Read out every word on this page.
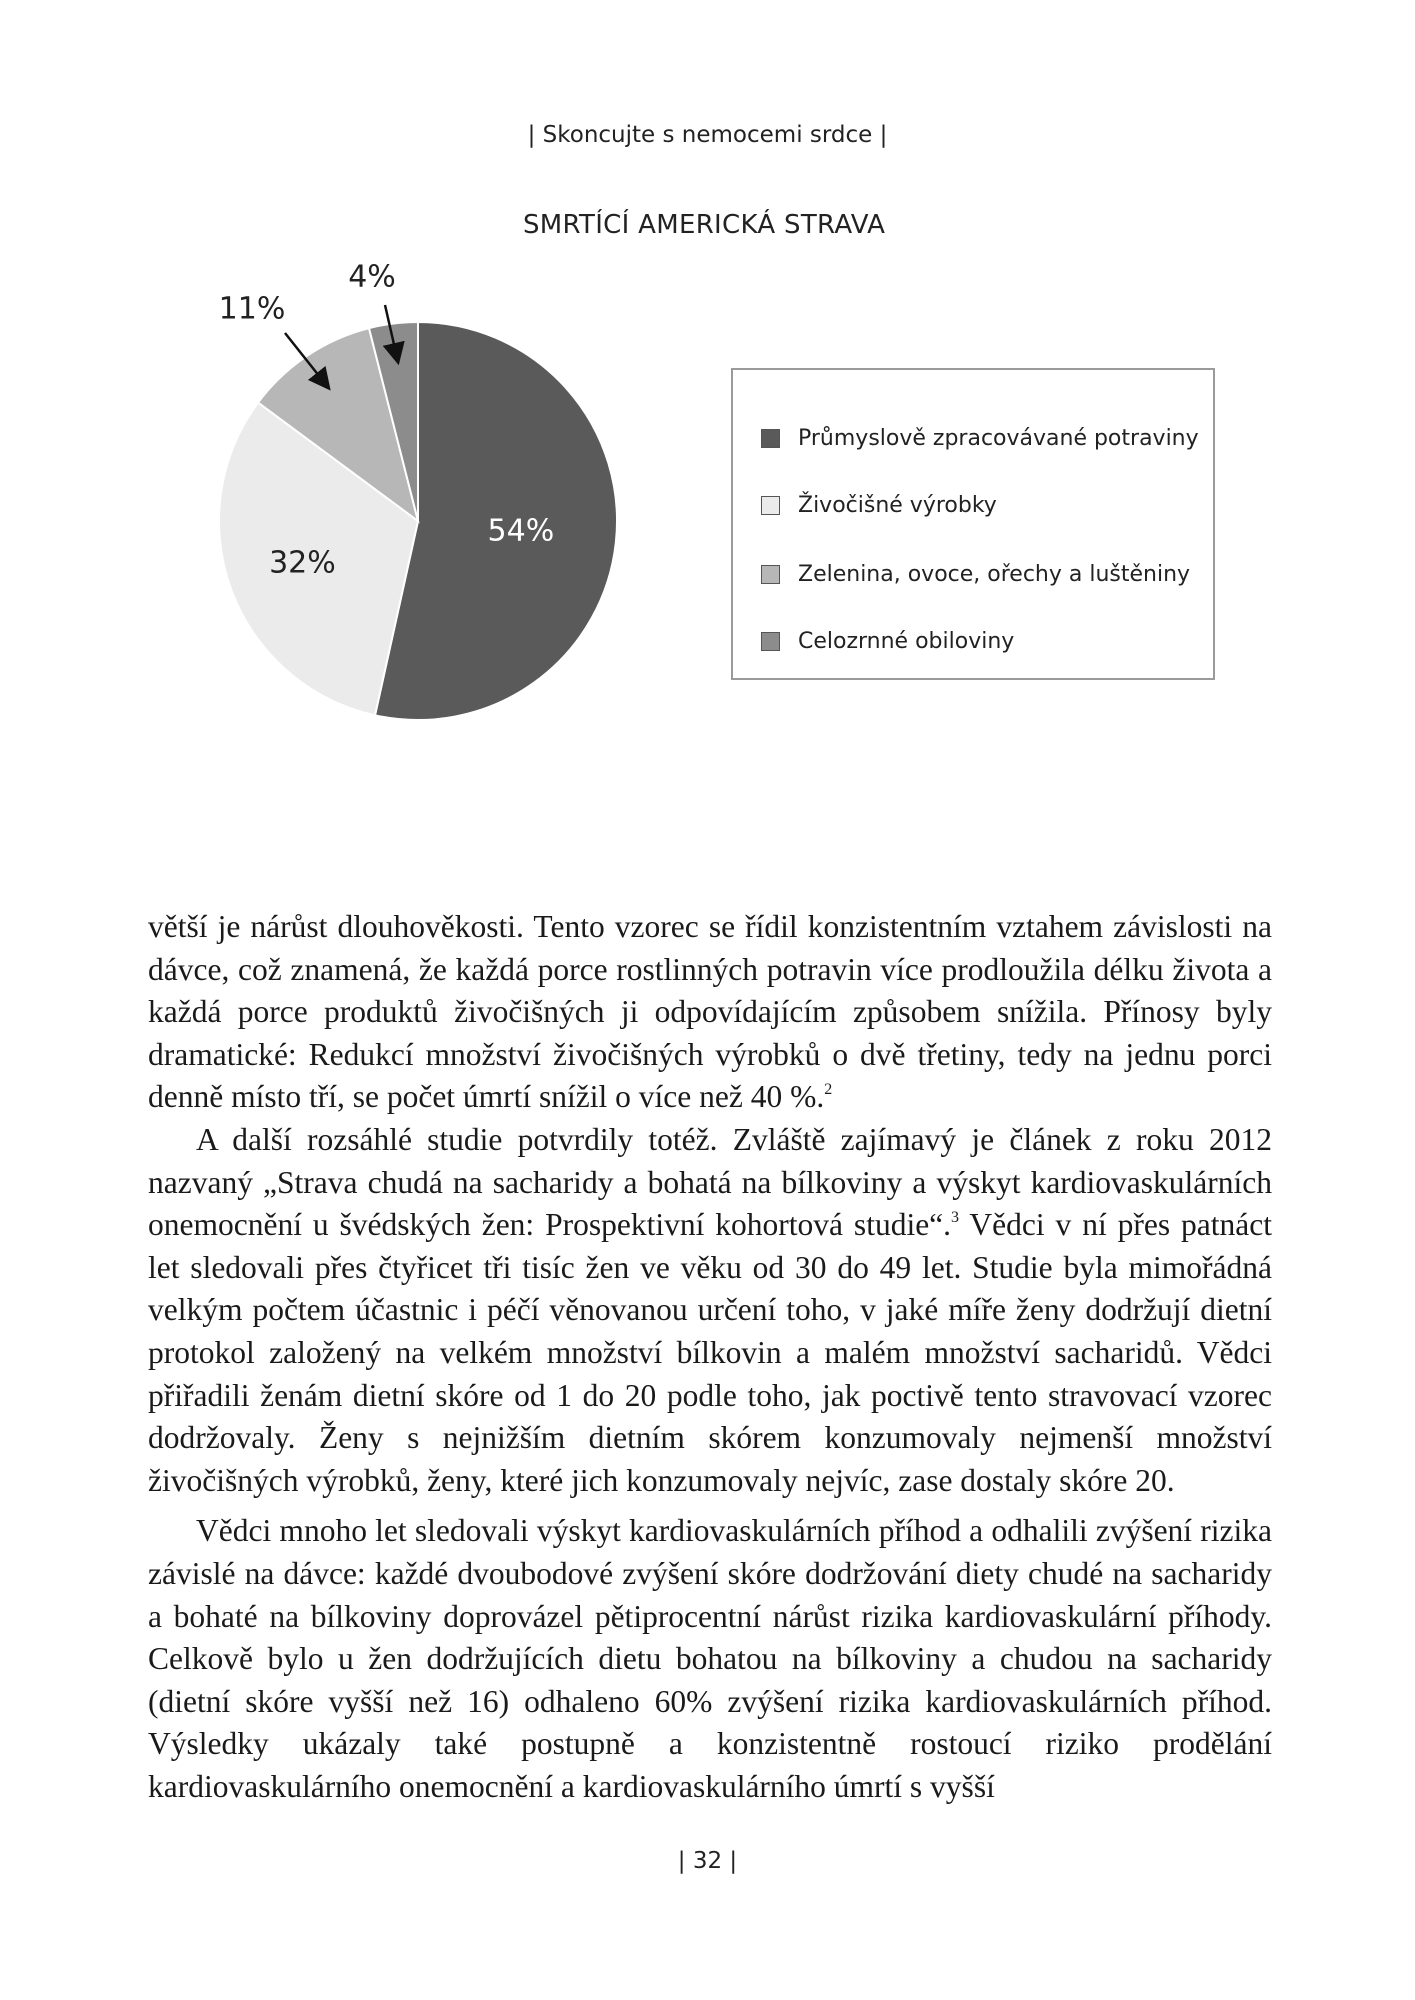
| Skoncujte s nemocemi srdce |
SMRTÍCÍ AMERICKÁ STRAVA
54%
32%
11%
4%
Průmyslově zpracovávané potraviny
Živočišné výrobky
Zelenina, ovoce, ořechy a luštěniny
Celozrnné obiloviny

větší je nárůst dlouhověkosti. Tento vzorec se řídil konzistentním vztahem závislosti na dávce, což znamená, že každá porce rostlinných potravin více prodloužila délku života a každá porce produktů živočišných ji odpovídajícím způsobem snížila. Přínosy byly dramatické: Redukcí množství živočišných výrobků o dvě třetiny, tedy na jednu porci denně místo tří, se počet úmrtí snížil o více než 40 %.$^2$

A další rozsáhlé studie potvrdily totéž. Zvláště zajímavý je článek z roku 2012 nazvaný „Strava chudá na sacharidy a bohatá na bílkoviny a výskyt kardiovaskulárních onemocnění u švédských žen: Prospektivní kohortová studie“.$^3$ Vědci v ní přes patnáct let sledovali přes čtyřicet tři tisíc žen ve věku od 30 do 49 let. Studie byla mimořádná velkým počtem účastnic i péčí věnovanou určení toho, v jaké míře ženy dodržují dietní protokol založený na velkém množství bílkovin a malém množství sacharidů. Vědci přiřadili ženám dietní skóre od 1 do 20 podle toho, jak poctivě tento stravovací vzorec dodržovaly. Ženy s nejnižším dietním skórem konzumovaly nejmenší množství živočišných výrobků, ženy, které jich konzumovaly nejvíc, zase dostaly skóre 20.

Vědci mnoho let sledovali výskyt kardiovaskulárních příhod a odhalili zvýšení rizika závislé na dávce: každé dvoubodové zvýšení skóre dodržování diety chudé na sacharidy a bohaté na bílkoviny doprovázel pětiprocentní nárůst rizika kardiovaskulární příhody. Celkově bylo u žen dodržujících dietu bohatou na bílkoviny a chudou na sacharidy (dietní skóre vyšší než 16) odhaleno 60% zvýšení rizika kardiovaskulárních příhod. Výsledky ukázaly také postupně a konzistentně rostoucí riziko prodělání kardiovaskulárního onemocnění a kardiovaskulárního úmrtí s vyšší

| 32 |
